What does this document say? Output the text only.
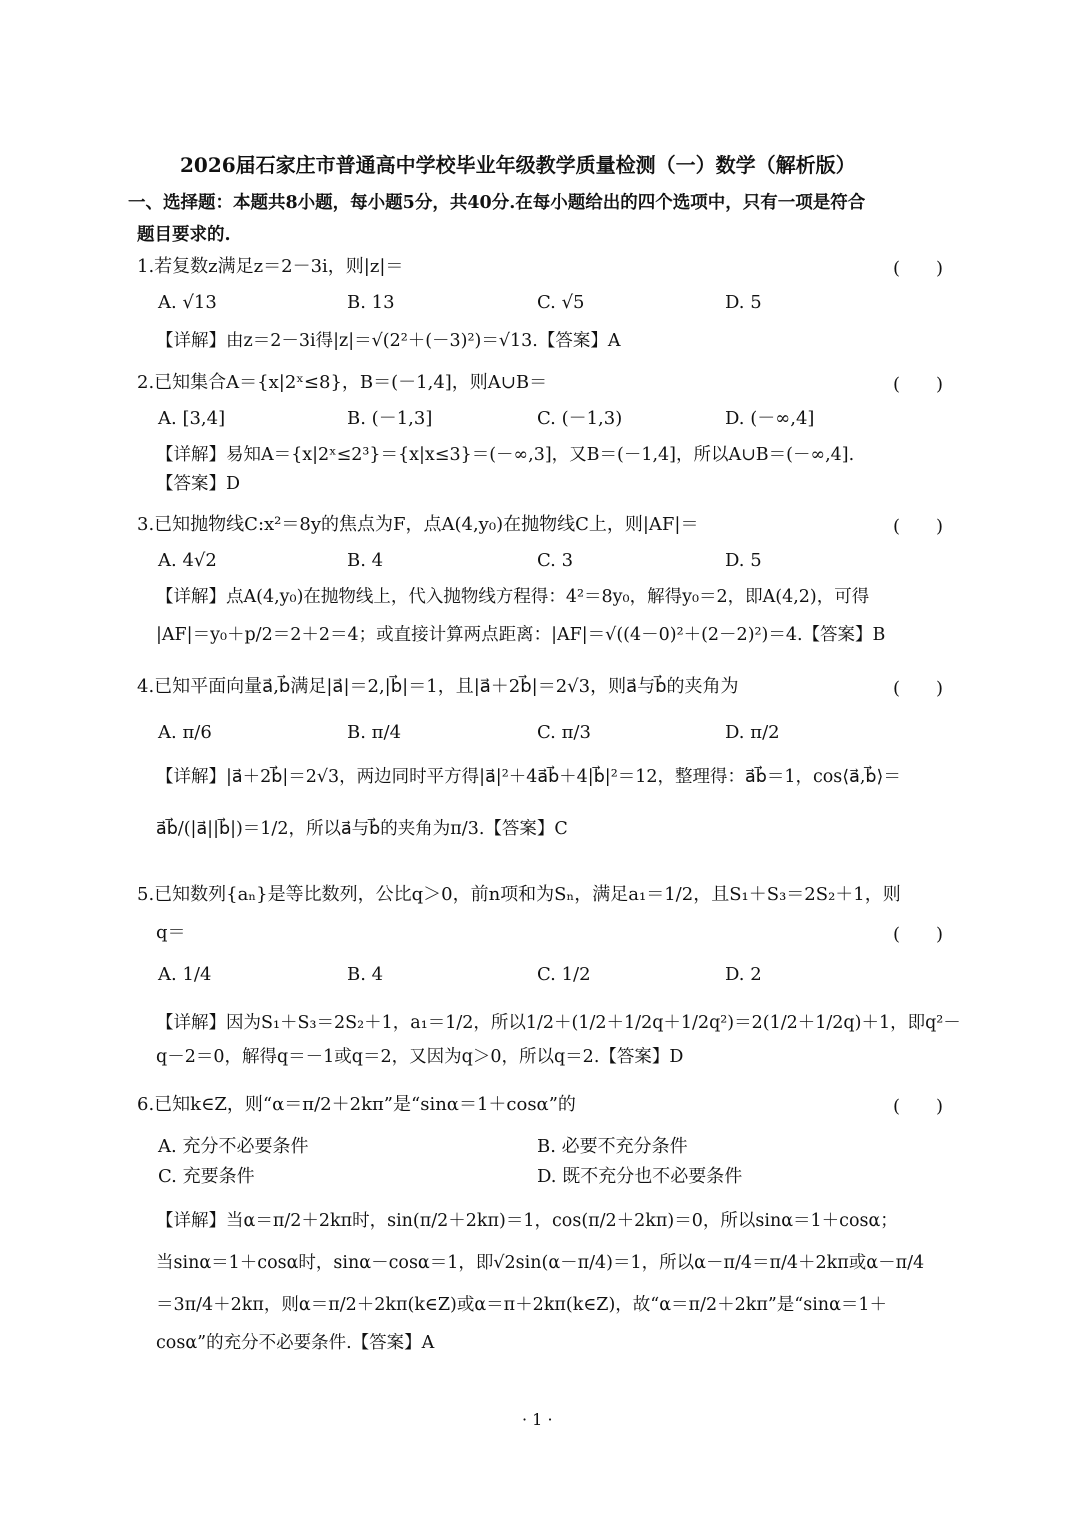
2026届石家庄市普通高中学校毕业年级教学质量检测（一）数学（解析版）
一、选择题：本题共8小题，每小题5分，共40分.在每小题给出的四个选项中，只有一项是符合
题目要求的.
1.若复数z满足z＝2－3i，则|z|＝	(　　)
A. √13	B. 13	C. √5	D. 5
【详解】由z＝2－3i得|z|＝√(2²＋(－3)²)＝√13.【答案】A
2.已知集合A＝{x|2ˣ≤8}，B＝(－1,4]，则A∪B＝	(　　)
A. [3,4]	B. (－1,3]	C. (－1,3)	D. (－∞,4]
【详解】易知A＝{x|2ˣ≤2³}＝{x|x≤3}＝(－∞,3]，又B＝(－1,4]，所以A∪B＝(－∞,4].
【答案】D
3.已知抛物线C:x²＝8y的焦点为F，点A(4,y₀)在抛物线C上，则|AF|＝	(　　)
A. 4√2	B. 4	C. 3	D. 5
【详解】点A(4,y₀)在抛物线上，代入抛物线方程得：4²＝8y₀，解得y₀＝2，即A(4,2)，可得
|AF|＝y₀＋p/2＝2＋2＝4；或直接计算两点距离：|AF|＝√((4－0)²＋(2－2)²)＝4.【答案】B
4.已知平面向量a⃗,b⃗满足|a⃗|＝2,|b⃗|＝1，且|a⃗＋2b⃗|＝2√3，则a⃗与b⃗的夹角为	(　　)
A. π/6	B. π/4	C. π/3	D. π/2
【详解】|a⃗＋2b⃗|＝2√3，两边同时平方得|a⃗|²＋4a⃗b⃗＋4|b⃗|²＝12，整理得：a⃗b⃗＝1，cos⟨a⃗,b⃗⟩＝
a⃗b⃗/(|a⃗||b⃗|)＝1/2，所以a⃗与b⃗的夹角为π/3.【答案】C
5.已知数列{aₙ}是等比数列，公比q＞0，前n项和为Sₙ，满足a₁＝1/2，且S₁＋S₃＝2S₂＋1，则
q＝	(　　)
A. 1/4	B. 4	C. 1/2	D. 2
【详解】因为S₁＋S₃＝2S₂＋1，a₁＝1/2，所以1/2＋(1/2＋1/2q＋1/2q²)＝2(1/2＋1/2q)＋1，即q²－
q－2＝0，解得q＝－1或q＝2，又因为q＞0，所以q＝2.【答案】D
6.已知k∈Z，则“α＝π/2＋2kπ”是“sinα＝1＋cosα”的	(　　)
A. 充分不必要条件	B. 必要不充分条件
C. 充要条件	D. 既不充分也不必要条件
【详解】当α＝π/2＋2kπ时，sin(π/2＋2kπ)＝1，cos(π/2＋2kπ)＝0，所以sinα＝1＋cosα；
当sinα＝1＋cosα时，sinα－cosα＝1，即√2sin(α－π/4)＝1，所以α－π/4＝π/4＋2kπ或α－π/4
＝3π/4＋2kπ，则α＝π/2＋2kπ(k∈Z)或α＝π＋2kπ(k∈Z)，故“α＝π/2＋2kπ”是“sinα＝1＋
cosα”的充分不必要条件.【答案】A
· 1 ·
